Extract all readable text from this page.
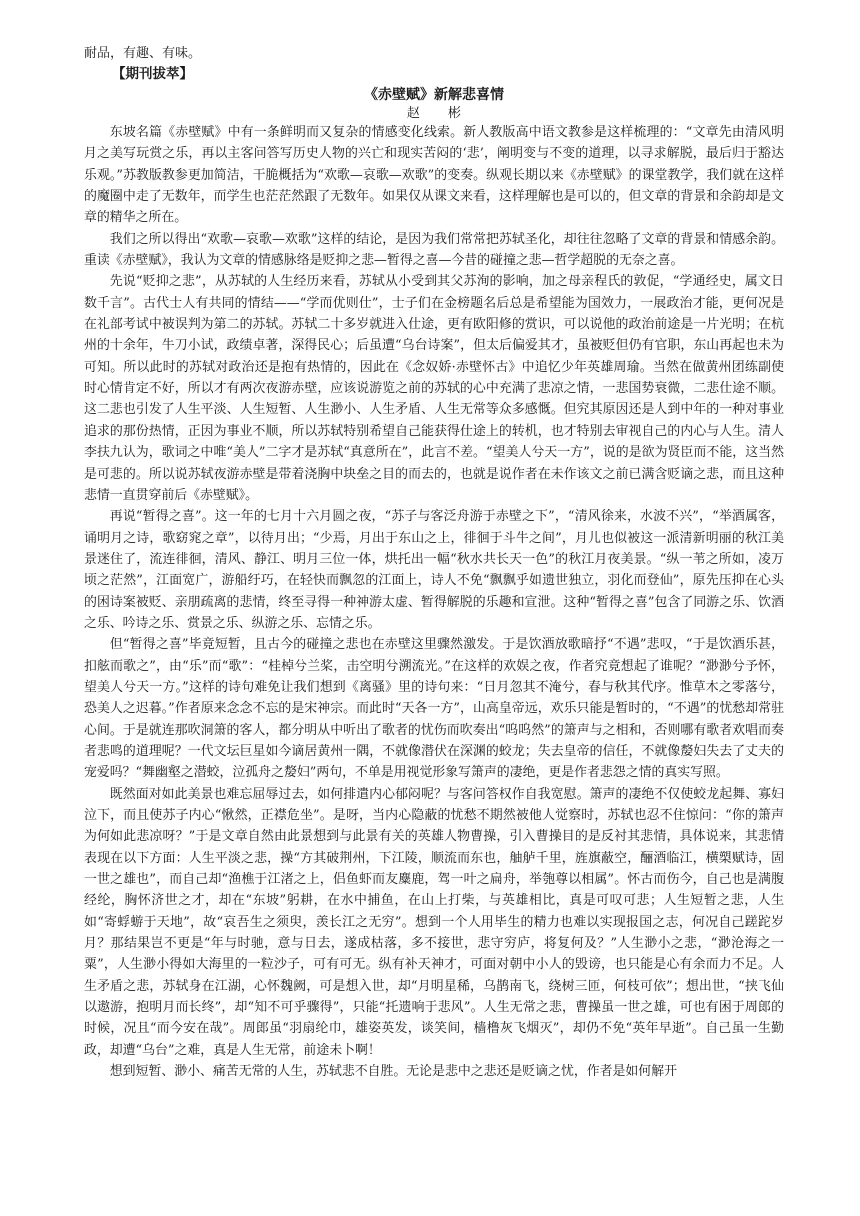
耐品，有趣、有味。

【期刊拔萃】

《赤壁赋》新解悲喜情

赵 彬

东坡名篇《赤壁赋》中有一条鲜明而又复杂的情感变化线索。新人教版高中语文教参是这样梳理的：“文章先由清风明月之美写玩赏之乐，再以主客问答写历史人物的兴亡和现实苦闷的‘悲’，阐明变与不变的道理，以寻求解脱，最后归于豁达乐观。”苏教版教参更加简洁，干脆概括为“欢歌—哀歌—欢歌”的变奏。纵观长期以来《赤壁赋》的课堂教学，我们就在这样的魔圈中走了无数年，而学生也茫茫然跟了无数年。如果仅从课文来看，这样理解也是可以的，但文章的背景和余韵却是文章的精华之所在。

我们之所以得出“欢歌—哀歌—欢歌”这样的结论，是因为我们常常把苏轼圣化，却往往忽略了文章的背景和情感余韵。重读《赤壁赋》，我认为文章的情感脉络是贬抑之悲—暂得之喜—今昔的碰撞之悲—哲学超脱的无奈之喜。

先说“贬抑之悲”，从苏轼的人生经历来看，苏轼从小受到其父苏洵的影响，加之母亲程氏的敦促，“学通经史，属文日数千言”。古代士人有共同的情结——“学而优则仕”，士子们在金榜题名后总是希望能为国效力，一展政治才能，更何况是在礼部考试中被误判为第二的苏轼。苏轼二十多岁就进入仕途，更有欧阳修的赏识，可以说他的政治前途是一片光明；在杭州的十余年，牛刀小试，政绩卓著，深得民心；后虽遭“乌台诗案”，但太后偏爱其才，虽被贬但仍有官职，东山再起也未为可知。所以此时的苏轼对政治还是抱有热情的，因此在《念奴娇·赤壁怀古》中追忆少年英雄周瑜。当然在做黄州团练副使时心情肯定不好，所以才有两次夜游赤壁，应该说游览之前的苏轼的心中充满了悲凉之情，一悲国势衰微，二悲仕途不顺。这二悲也引发了人生平淡、人生短暂、人生渺小、人生矛盾、人生无常等众多感慨。但究其原因还是人到中年的一种对事业追求的那份热情，正因为事业不顺，所以苏轼特别希望自己能获得仕途上的转机，也才特别去审视自己的内心与人生。清人李扶九认为，歌词之中唯“美人”二字才是苏轼“真意所在”，此言不差。“望美人兮天一方”，说的是欲为贤臣而不能，这当然是可悲的。所以说苏轼夜游赤壁是带着浇胸中块垒之目的而去的，也就是说作者在未作该文之前已满含贬谪之悲，而且这种悲情一直贯穿前后《赤壁赋》。

再说“暂得之喜”。这一年的七月十六月圆之夜，“苏子与客泛舟游于赤壁之下”，“清风徐来，水波不兴”，“举酒属客，诵明月之诗，歌窈窕之章”，以待月出；“少焉，月出于东山之上，徘徊于斗牛之间”，月儿也似被这一派清新明丽的秋江美景迷住了，流连徘徊，清风、静江、明月三位一体，烘托出一幅“秋水共长天一色”的秋江月夜美景。“纵一苇之所如，凌万顷之茫然”，江面宽广，游船纡巧，在轻快而飘忽的江面上，诗人不免“飘飘乎如遗世独立，羽化而登仙”，原先压抑在心头的困诗案被贬、亲朋疏离的悲情，终至寻得一种神游太虚、暂得解脱的乐趣和宣泄。这种“暂得之喜”包含了同游之乐、饮酒之乐、吟诗之乐、赏景之乐、纵游之乐、忘情之乐。

但“暂得之喜”毕竟短暂，且古今的碰撞之悲也在赤壁这里骤然激发。于是饮酒放歌暗抒“不遇”悲叹，“于是饮酒乐甚，扣舷而歌之”，由“乐”而“歌”：“桂棹兮兰桨，击空明兮溯流光。”在这样的欢娱之夜，作者究竟想起了谁呢？“渺渺兮予怀，望美人兮天一方。”这样的诗句难免让我们想到《离骚》里的诗句来：“日月忽其不淹兮，春与秋其代序。惟草木之零落兮，恐美人之迟暮。”作者原来念念不忘的是宋神宗。而此时“天各一方”，山高皇帝远，欢乐只能是暂时的，“不遇”的忧愁却常驻心间。于是就连那吹洞箫的客人，都分明从中听出了歌者的忧伤而吹奏出“呜呜然”的箫声与之相和，否则哪有歌者欢唱而奏者悲鸣的道理呢？一代文坛巨星如今谪居黄州一隅，不就像潜伏在深渊的蛟龙；失去皇帝的信任，不就像嫠妇失去了丈夫的宠爱吗？“舞幽壑之潜蛟，泣孤舟之嫠妇”两句，不单是用视觉形象写箫声的凄绝，更是作者悲怨之情的真实写照。

既然面对如此美景也难忘屈辱过去，如何排遣内心郁闷呢？与客问答权作自我宽慰。箫声的凄绝不仅使蛟龙起舞、寡妇泣下，而且使苏子内心“愀然，正襟危坐”。是呀，当内心隐蔽的忧愁不期然被他人觉察时，苏轼也忍不住惊问：“你的箫声为何如此悲凉呀？”于是文章自然由此景想到与此景有关的英雄人物曹操，引入曹操目的是反衬其悲情，具体说来，其悲情表现在以下方面：人生平淡之悲，操“方其破荆州，下江陵，顺流而东也，舳舻千里，旌旗蔽空，酾酒临江，横槊赋诗，固一世之雄也”，而自己却“渔樵于江渚之上，侣鱼虾而友麋鹿，驾一叶之扁舟，举匏尊以相属”。怀古而伤今，自己也是满腹经纶，胸怀济世之才，却在“东坡”躬耕，在水中捕鱼，在山上打柴，与英雄相比，真是可叹可悲；人生短暂之悲，人生如“寄蜉蝣于天地”，故“哀吾生之须臾，羡长江之无穷”。想到一个人用毕生的精力也难以实现报国之志，何况自己蹉跎岁月？那结果岂不更是“年与时驰，意与日去，遂成枯落，多不接世，悲守穷庐，将复何及？”人生渺小之悲，“渺沧海之一粟”，人生渺小得如大海里的一粒沙子，可有可无。纵有补天神才，可面对朝中小人的毁谤，也只能是心有余而力不足。人生矛盾之悲，苏轼身在江湖，心怀魏阙，可是想入世，却“月明星稀，乌鹊南飞，绕树三匝，何枝可依”；想出世，“挟飞仙以遨游，抱明月而长终”，却“知不可乎骤得”，只能“托遗响于悲风”。人生无常之悲，曹操虽一世之雄，可也有困于周郎的时候，况且“而今安在哉”。周郎虽“羽扇纶巾，雄姿英发，谈笑间，樯橹灰飞烟灭”，却仍不免“英年早逝”。自己虽一生勤政，却遭“乌台”之难，真是人生无常，前途未卜啊！

想到短暂、渺小、痛苦无常的人生，苏轼悲不自胜。无论是悲中之悲还是贬谪之忧，作者是如何解开
